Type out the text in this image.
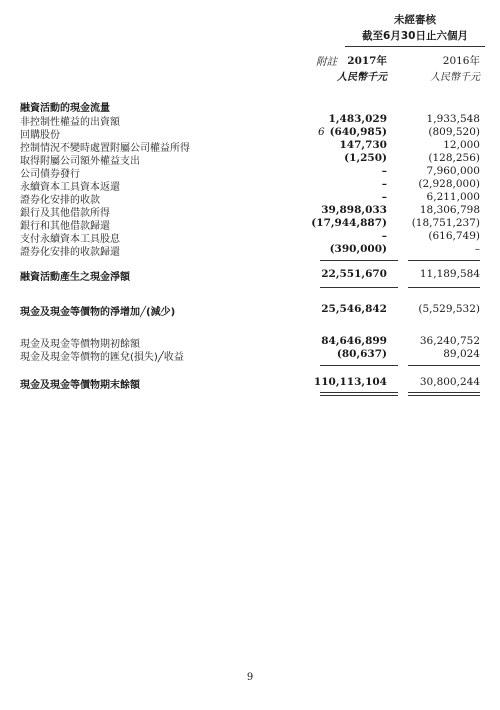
未經審核
截至6月30日止六個月
附註 2017年	2016年
人民幣千元	人民幣千元
融資活動的現金流量
非控制性權益的出資額	1,483,029	1,933,548
回購股份	6 (640,985)	(809,520)
控制情況不變時處置附屬公司權益所得	147,730	12,000
取得附屬公司額外權益支出	(1,250)	(128,256)
公司債券發行	–	7,960,000
永續資本工具資本返還	–	(2,928,000)
證券化安排的收款	–	6,211,000
銀行及其他借款所得	39,898,033	18,306,798
銀行和其他借款歸還	(17,944,887) (18,751,237)
支付永續資本工具股息	–	(616,749)
證券化安排的收款歸還	(390,000)	–
融資活動產生之現金淨額	22,551,670	11,189,584
現金及現金等價物的淨增加╱(減少)	25,546,842	(5,529,532)
現金及現金等價物期初餘額	84,646,899	36,240,752
現金及現金等價物的匯兌(損失)╱收益	(80,637)	89,024
現金及現金等價物期末餘額	110,113,104	30,800,244
9
